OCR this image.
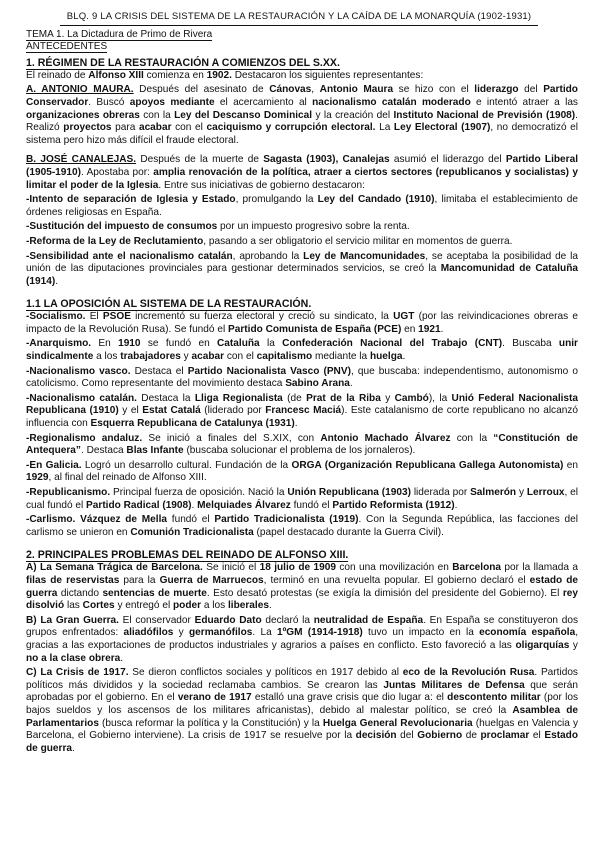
BLQ. 9 LA CRISIS DEL SISTEMA DE LA RESTAURACIÓN Y LA CAÍDA DE LA MONARQUÍA (1902-1931)
TEMA 1. La Dictadura de Primo de Rivera
ANTECEDENTES
1. RÉGIMEN DE LA RESTAURACIÓN A COMIENZOS DEL S.XX.

El reinado de Alfonso XIII comienza en 1902. Destacaron los siguientes representantes:

A. ANTONIO MAURA. Después del asesinato de Cánovas, Antonio Maura se hizo con el liderazgo del Partido Conservador. Buscó apoyos mediante el acercamiento al nacionalismo catalán moderado e intentó atraer a las organizaciones obreras con la Ley del Descanso Dominical y la creación del Instituto Nacional de Previsión (1908). Realizó proyectos para acabar con el caciquismo y corrupción electoral. La Ley Electoral (1907), no democratizó el sistema pero hizo más difícil el fraude electoral.

B. JOSÉ CANALEJAS. Después de la muerte de Sagasta (1903), Canalejas asumió el liderazgo del Partido Liberal (1905-1910). Apostaba por: amplia renovación de la política, atraer a ciertos sectores (republicanos y socialistas) y limitar el poder de la Iglesia. Entre sus iniciativas de gobierno destacaron:

-Intento de separación de Iglesia y Estado, promulgando la Ley del Candado (1910), limitaba el establecimiento de órdenes religiosas en España.

-Sustitución del impuesto de consumos por un impuesto progresivo sobre la renta.

-Reforma de la Ley de Reclutamiento, pasando a ser obligatorio el servicio militar en momentos de guerra.

-Sensibilidad ante el nacionalismo catalán, aprobando la Ley de Mancomunidades, se aceptaba la posibilidad de la unión de las diputaciones provinciales para gestionar determinados servicios, se creó la Mancomunidad de Cataluña (1914).

1.1 LA OPOSICIÓN AL SISTEMA DE LA RESTAURACIÓN.

-Socialismo. El PSOE incrementó su fuerza electoral y creció su sindicato, la UGT (por las reivindicaciones obreras e impacto de la Revolución Rusa). Se fundó el Partido Comunista de España (PCE) en 1921.

-Anarquismo. En 1910 se fundó en Cataluña la Confederación Nacional del Trabajo (CNT). Buscaba unir sindicalmente a los trabajadores y acabar con el capitalismo mediante la huelga.

-Nacionalismo vasco. Destaca el Partido Nacionalista Vasco (PNV), que buscaba: independentismo, autonomismo o catolicismo. Como representante del movimiento destaca Sabino Arana.

-Nacionalismo catalán. Destaca la Lliga Regionalista (de Prat de la Riba y Cambó), la Unió Federal Nacionalista Republicana (1910) y el Estat Catalá (liderado por Francesc Maciá). Este catalanismo de corte republicano no alcanzó influencia con Esquerra Republicana de Catalunya (1931).

-Regionalismo andaluz. Se inició a finales del S.XIX, con Antonio Machado Álvarez con la “Constitución de Antequera”. Destaca Blas Infante (buscaba solucionar el problema de los jornaleros).

-En Galicia. Logró un desarrollo cultural. Fundación de la ORGA (Organización Republicana Gallega Autonomista) en 1929, al final del reinado de Alfonso XIII.

-Republicanismo. Principal fuerza de oposición. Nació la Unión Republicana (1903) liderada por Salmerón y Lerroux, el cual fundó el Partido Radical (1908). Melquiades Álvarez fundó el Partido Reformista (1912).

-Carlismo. Vázquez de Mella fundó el Partido Tradicionalista (1919). Con la Segunda República, las facciones del carlismo se unieron en Comunión Tradicionalista (papel destacado durante la Guerra Civil).

2. PRINCIPALES PROBLEMAS DEL REINADO DE ALFONSO XIII.

A) La Semana Trágica de Barcelona. Se inició el 18 julio de 1909 con una movilización en Barcelona por la llamada a filas de reservistas para la Guerra de Marruecos, terminó en una revuelta popular. El gobierno declaró el estado de guerra dictando sentencias de muerte. Esto desató protestas (se exigía la dimisión del presidente del Gobierno). El rey disolvió las Cortes y entregó el poder a los liberales.

B) La Gran Guerra. El conservador Eduardo Dato declaró la neutralidad de España. En España se constituyeron dos grupos enfrentados: aliadófilos y germanófilos. La 1ºGM (1914-1918) tuvo un impacto en la economía española, gracias a las exportaciones de productos industriales y agrarios a países en conflicto. Esto favoreció a las oligarquías y no a la clase obrera.

C) La Crisis de 1917. Se dieron conflictos sociales y políticos en 1917 debido al eco de la Revolución Rusa. Partidos políticos más divididos y la sociedad reclamaba cambios. Se crearon las Juntas Militares de Defensa que serán aprobadas por el gobierno. En el verano de 1917 estalló una grave crisis que dio lugar a: el descontento militar (por los bajos sueldos y los ascensos de los militares africanistas), debido al malestar político, se creó la Asamblea de Parlamentarios (busca reformar la política y la Constitución) y la Huelga General Revolucionaria (huelgas en Valencia y Barcelona, el Gobierno interviene). La crisis de 1917 se resuelve por la decisión del Gobierno de proclamar el Estado de guerra.
